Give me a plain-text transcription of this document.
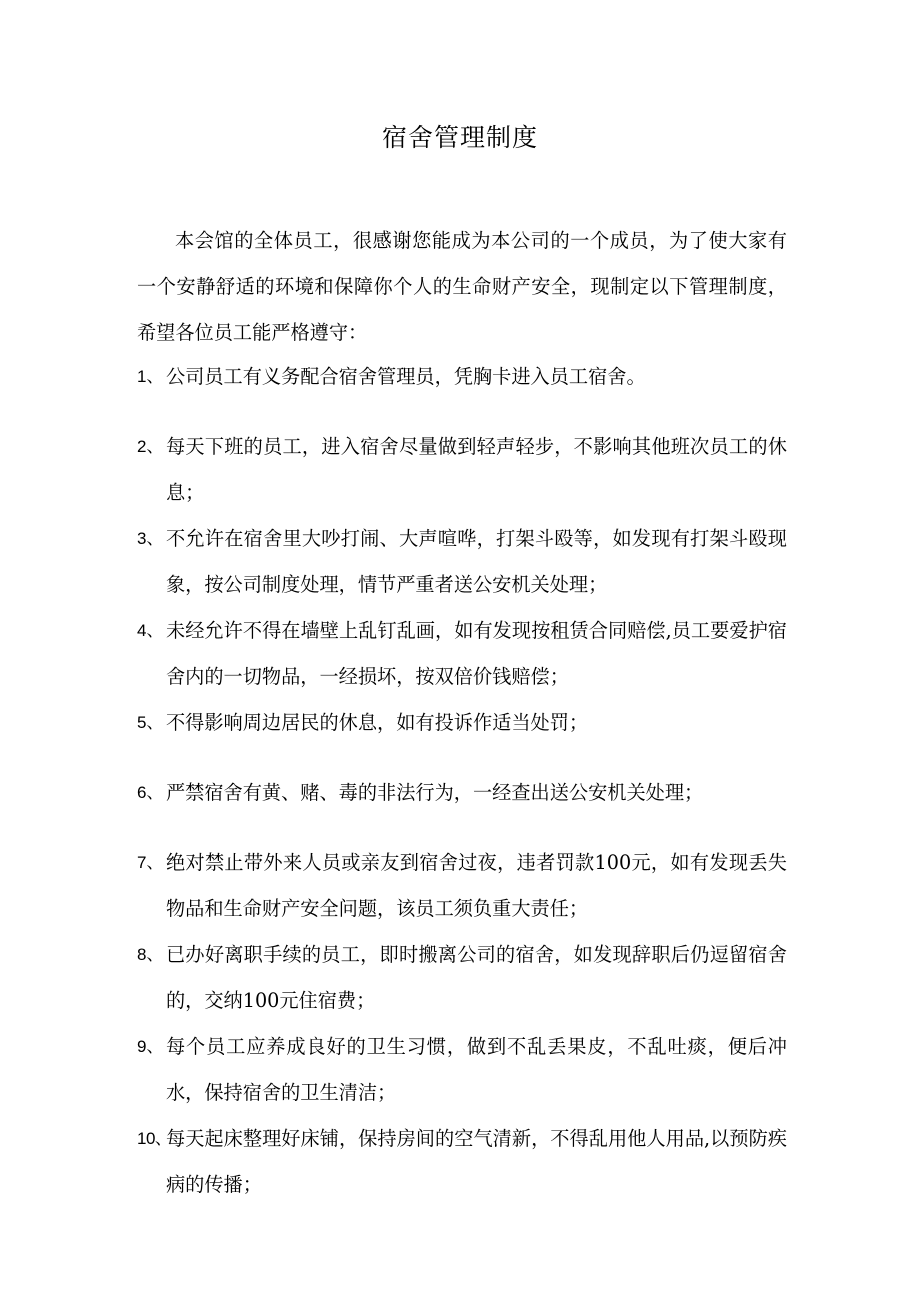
宿舍管理制度

本会馆的全体员工，很感谢您能成为本公司的一个成员，为了使大家有一个安静舒适的环境和保障你个人的生命财产安全，现制定以下管理制度，希望各位员工能严格遵守：

1、 公司员工有义务配合宿舍管理员，凭胸卡进入员工宿舍。
2、 每天下班的员工，进入宿舍尽量做到轻声轻步，不影响其他班次员工的休息；
3、 不允许在宿舍里大吵打闹、大声喧哗，打架斗殴等，如发现有打架斗殴现象，按公司制度处理，情节严重者送公安机关处理；
4、 未经允许不得在墙壁上乱钉乱画，如有发现按租赁合同赔偿,员工要爱护宿舍内的一切物品，一经损坏，按双倍价钱赔偿；
5、 不得影响周边居民的休息，如有投诉作适当处罚；
6、 严禁宿舍有黄、赌、毒的非法行为，一经查出送公安机关处理；
7、 绝对禁止带外来人员或亲友到宿舍过夜，违者罚款100元，如有发现丢失物品和生命财产安全问题，该员工须负重大责任；
8、 已办好离职手续的员工，即时搬离公司的宿舍，如发现辞职后仍逗留宿舍的，交纳100元住宿费；
9、 每个员工应养成良好的卫生习惯，做到不乱丢果皮，不乱吐痰，便后冲水，保持宿舍的卫生清洁；
10、
每天起床整理好床铺，保持房间的空气清新，不得乱用他人用品,以预防疾病的传播；
